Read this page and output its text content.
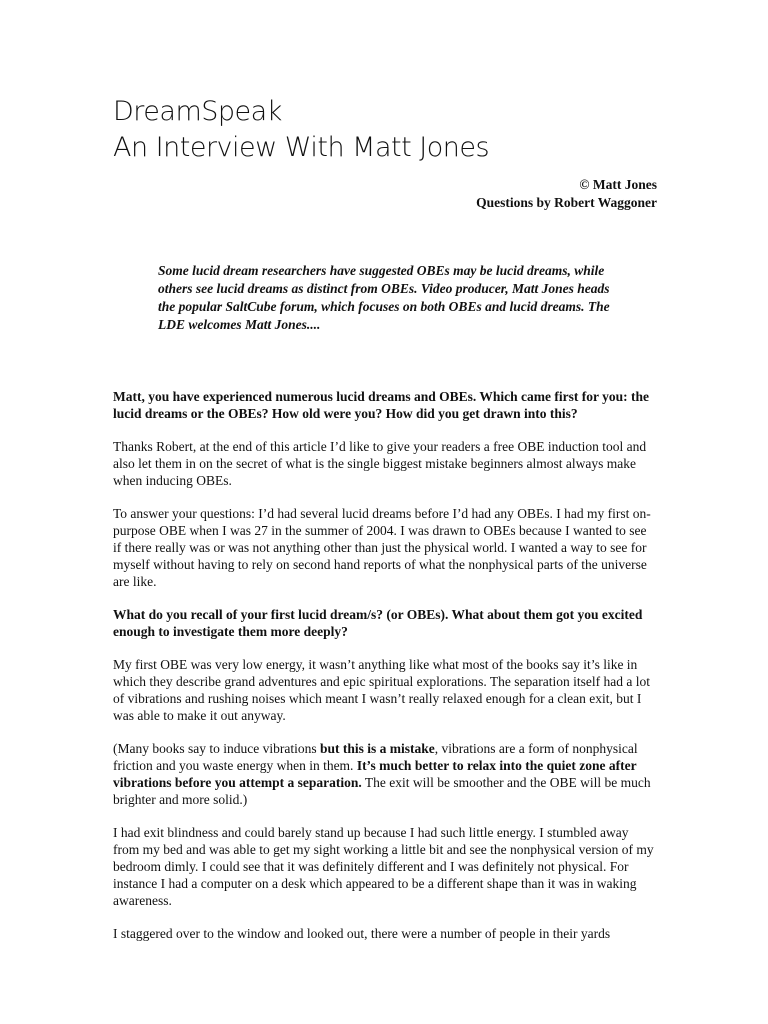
DreamSpeak
An Interview With Matt Jones
© Matt Jones
Questions by Robert Waggoner
Some lucid dream researchers have suggested OBEs may be lucid dreams, while others see lucid dreams as distinct from OBEs. Video producer, Matt Jones heads the popular SaltCube forum, which focuses on both OBEs and lucid dreams. The LDE welcomes Matt Jones....

Matt, you have experienced numerous lucid dreams and OBEs. Which came first for you: the lucid dreams or the OBEs? How old were you? How did you get drawn into this?

Thanks Robert, at the end of this article I’d like to give your readers a free OBE induction tool and also let them in on the secret of what is the single biggest mistake beginners almost always make when inducing OBEs.

To answer your questions: I’d had several lucid dreams before I’d had any OBEs. I had my first on-purpose OBE when I was 27 in the summer of 2004. I was drawn to OBEs because I wanted to see if there really was or was not anything other than just the physical world. I wanted a way to see for myself without having to rely on second hand reports of what the nonphysical parts of the universe are like.

What do you recall of your first lucid dream/s? (or OBEs). What about them got you excited enough to investigate them more deeply?

My first OBE was very low energy, it wasn’t anything like what most of the books say it’s like in which they describe grand adventures and epic spiritual explorations. The separation itself had a lot of vibrations and rushing noises which meant I wasn’t really relaxed enough for a clean exit, but I was able to make it out anyway.

(Many books say to induce vibrations but this is a mistake, vibrations are a form of nonphysical friction and you waste energy when in them. It’s much better to relax into the quiet zone after vibrations before you attempt a separation. The exit will be smoother and the OBE will be much brighter and more solid.)

I had exit blindness and could barely stand up because I had such little energy. I stumbled away from my bed and was able to get my sight working a little bit and see the nonphysical version of my bedroom dimly. I could see that it was definitely different and I was definitely not physical. For instance I had a computer on a desk which appeared to be a different shape than it was in waking awareness.

I staggered over to the window and looked out, there were a number of people in their yards
